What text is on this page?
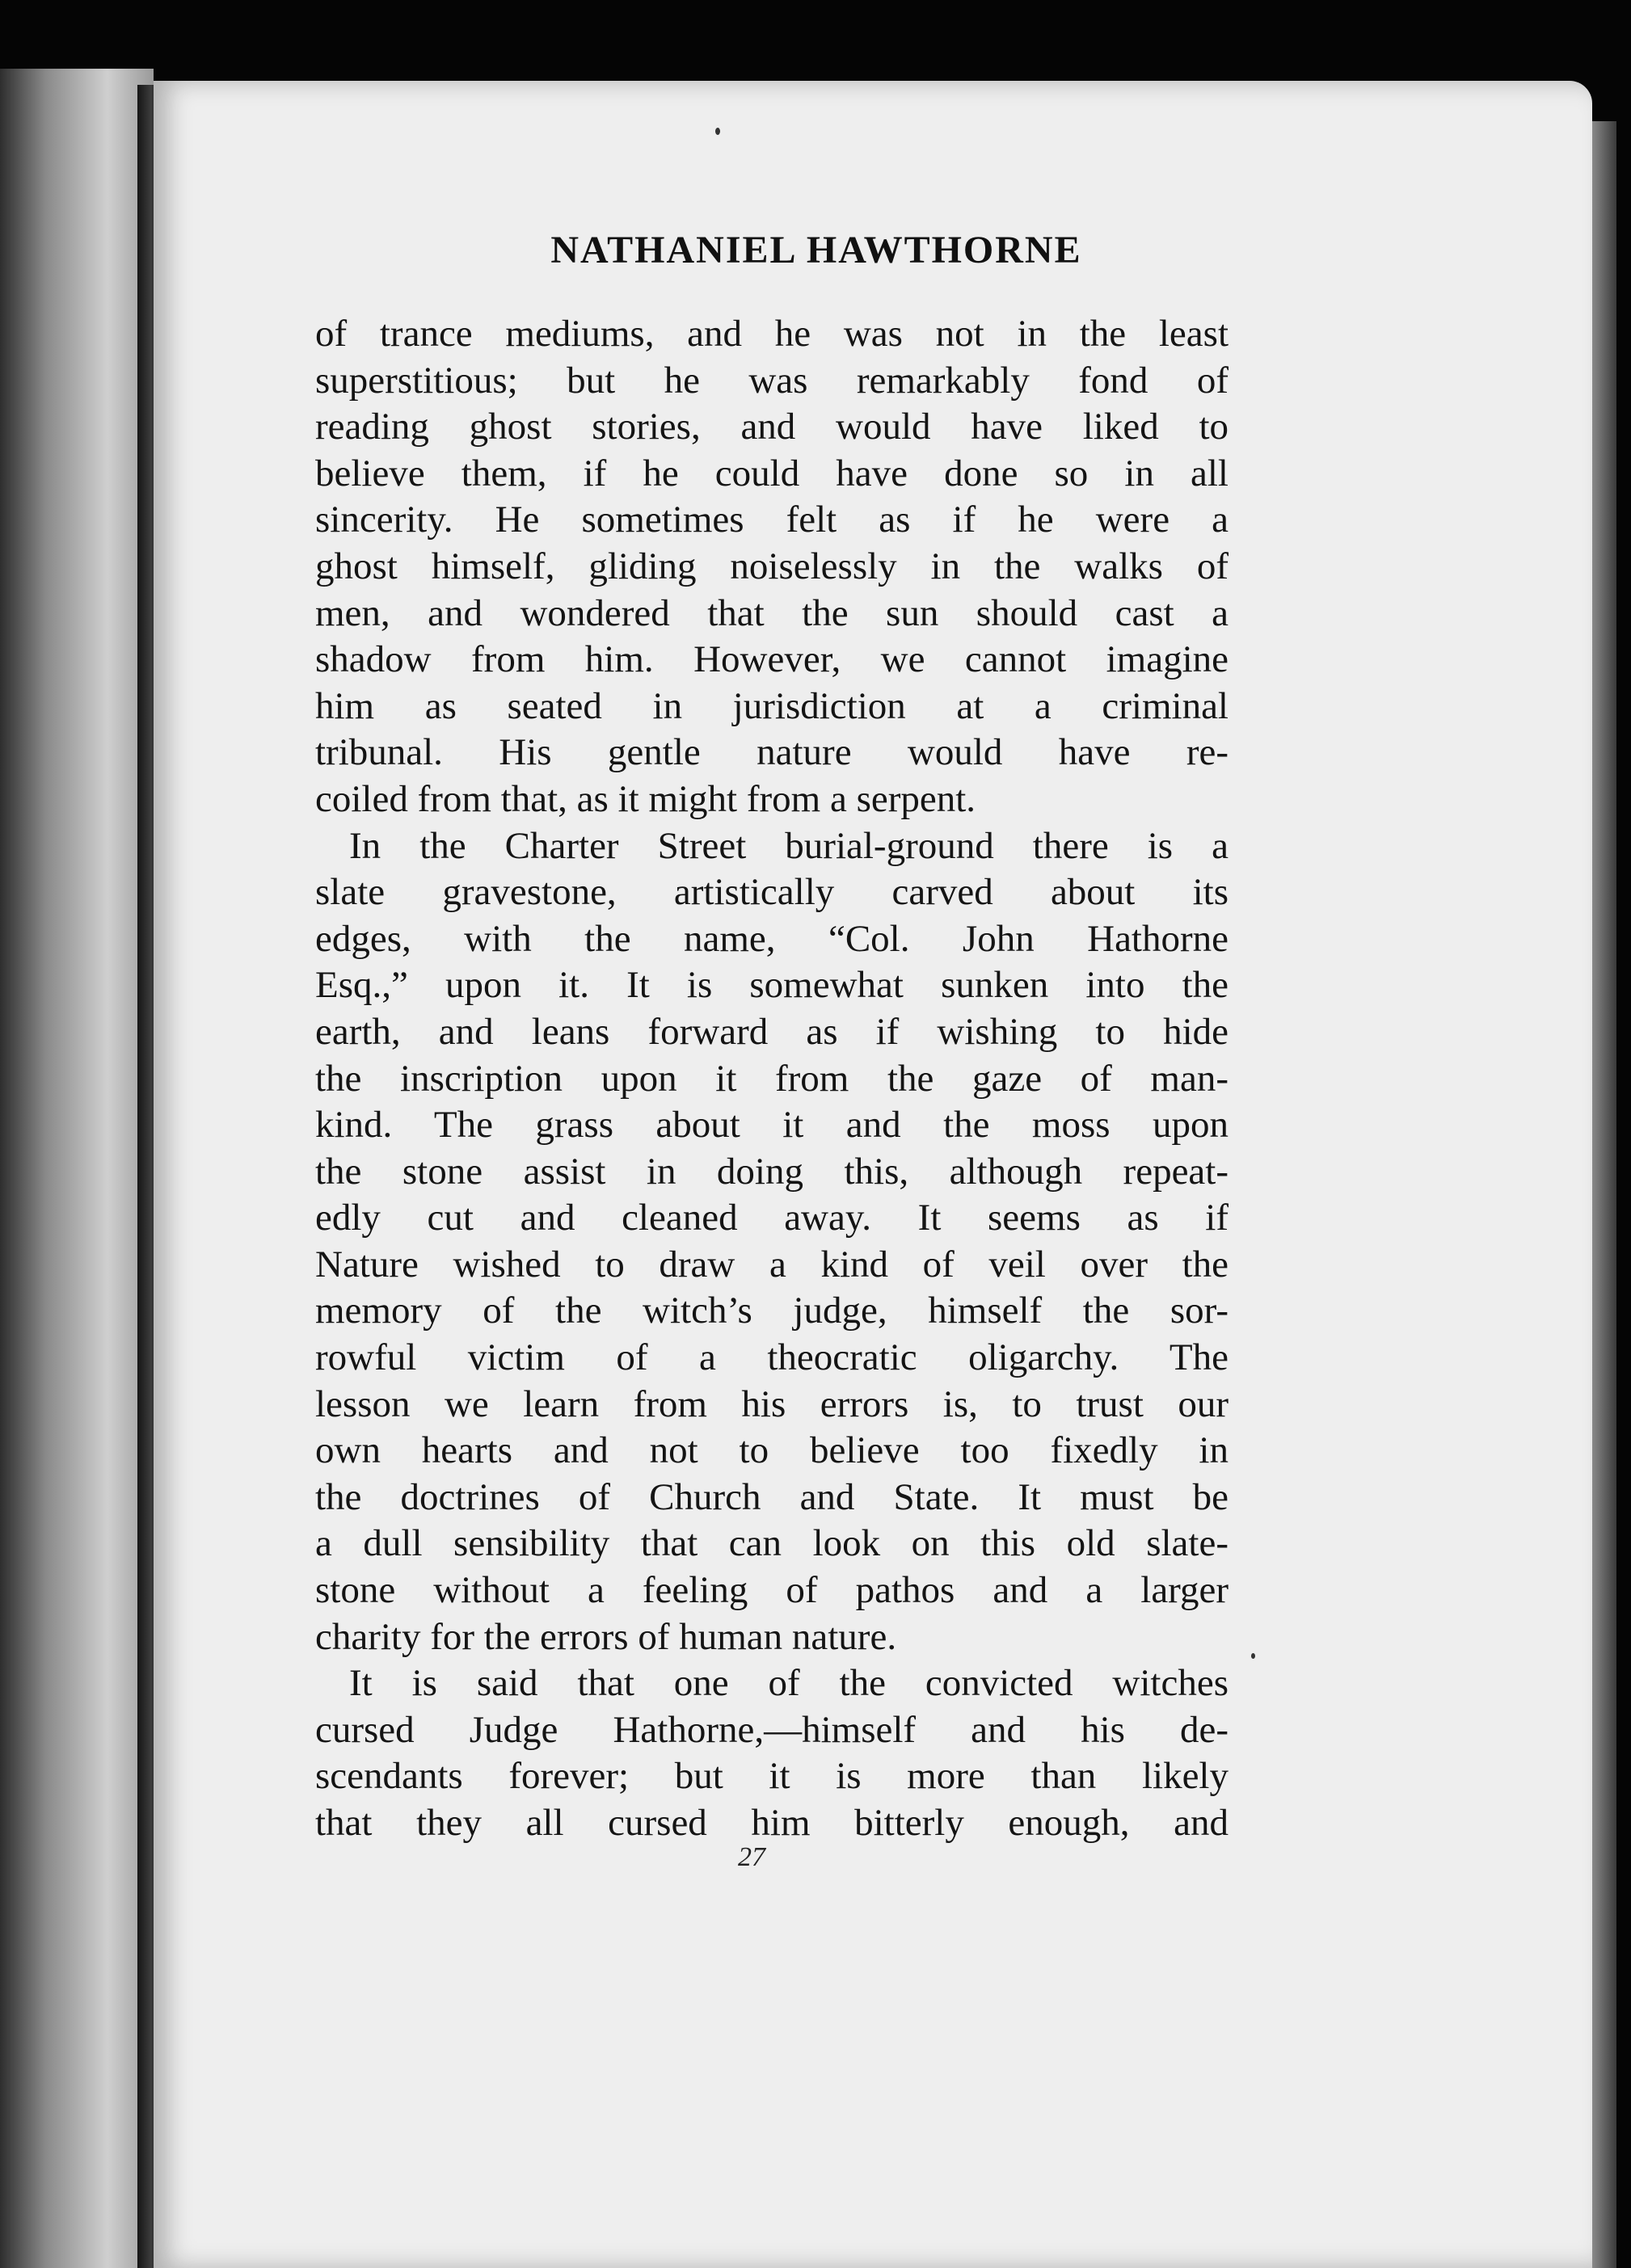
NATHANIEL HAWTHORNE
of trance mediums, and he was not in the least
superstitious; but he was remarkably fond of
reading ghost stories, and would have liked to
believe them, if he could have done so in all
sincerity. He sometimes felt as if he were a
ghost himself, gliding noiselessly in the walks of
men, and wondered that the sun should cast a
shadow from him. However, we cannot imagine
him as seated in jurisdiction at a criminal
tribunal. His gentle nature would have re-
coiled from that, as it might from a serpent.
In the Charter Street burial-ground there is a
slate gravestone, artistically carved about its
edges, with the name, “Col. John Hathorne
Esq.,” upon it. It is somewhat sunken into the
earth, and leans forward as if wishing to hide
the inscription upon it from the gaze of man-
kind. The grass about it and the moss upon
the stone assist in doing this, although repeat-
edly cut and cleaned away. It seems as if
Nature wished to draw a kind of veil over the
memory of the witch’s judge, himself the sor-
rowful victim of a theocratic oligarchy. The
lesson we learn from his errors is, to trust our
own hearts and not to believe too fixedly in
the doctrines of Church and State. It must be
a dull sensibility that can look on this old slate-
stone without a feeling of pathos and a larger
charity for the errors of human nature.
It is said that one of the convicted witches
cursed Judge Hathorne,—himself and his de-
scendants forever; but it is more than likely
that they all cursed him bitterly enough, and
27
